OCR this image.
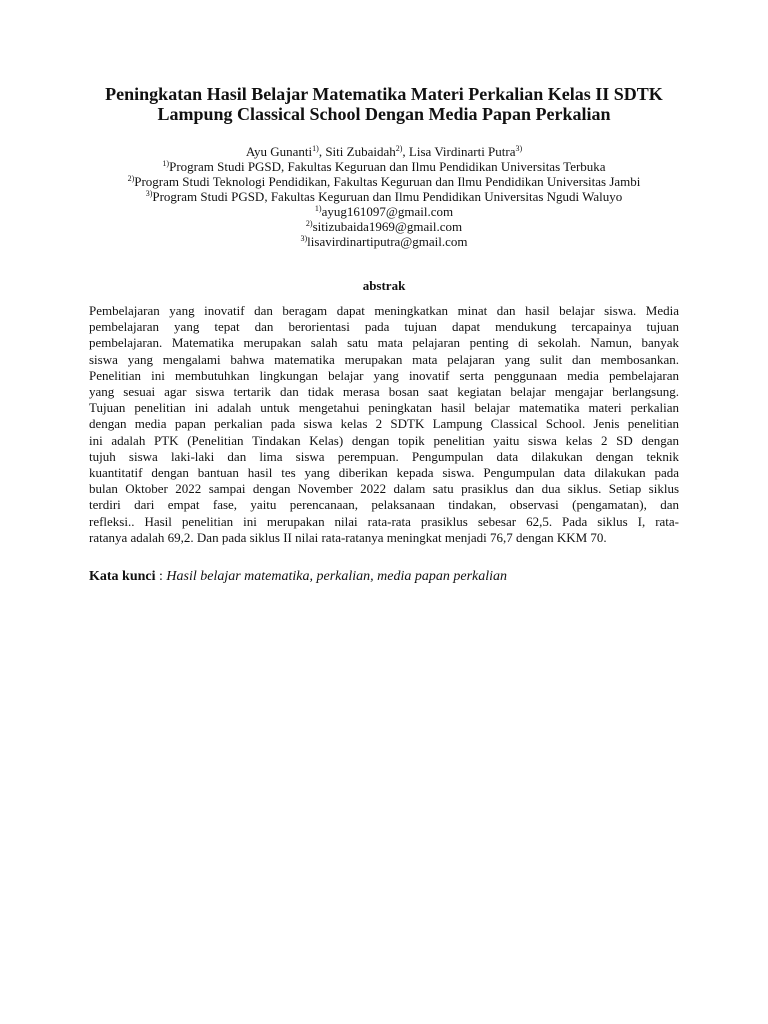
Peningkatan Hasil Belajar Matematika Materi Perkalian Kelas II SDTK
Lampung Classical School Dengan Media Papan Perkalian
Ayu Gunanti$^{1)}$, Siti Zubaidah$^{2)}$, Lisa Virdinarti Putra$^{3)}$
$^{1)}$Program Studi PGSD, Fakultas Keguruan dan Ilmu Pendidikan Universitas Terbuka
$^{2)}$Program Studi Teknologi Pendidikan, Fakultas Keguruan dan Ilmu Pendidikan Universitas Jambi
$^{3)}$Program Studi PGSD, Fakultas Keguruan dan Ilmu Pendidikan Universitas Ngudi Waluyo
$^{1)}$ayug161097@gmail.com
$^{2)}$sitizubaida1969@gmail.com
$^{3)}$lisavirdinartiputra@gmail.com
abstrak
Pembelajaran yang inovatif dan beragam dapat meningkatkan minat dan hasil belajar siswa. Media
pembelajaran yang tepat dan berorientasi pada tujuan dapat mendukung tercapainya tujuan
pembelajaran. Matematika merupakan salah satu mata pelajaran penting di sekolah. Namun, banyak
siswa yang mengalami bahwa matematika merupakan mata pelajaran yang sulit dan membosankan.
Penelitian ini membutuhkan lingkungan belajar yang inovatif serta penggunaan media pembelajaran
yang sesuai agar siswa tertarik dan tidak merasa bosan saat kegiatan belajar mengajar berlangsung.
Tujuan penelitian ini adalah untuk mengetahui peningkatan hasil belajar matematika materi perkalian
dengan media papan perkalian pada siswa kelas 2 SDTK Lampung Classical School. Jenis penelitian
ini adalah PTK (Penelitian Tindakan Kelas) dengan topik penelitian yaitu siswa kelas 2 SD dengan
tujuh siswa laki-laki dan lima siswa perempuan. Pengumpulan data dilakukan dengan teknik
kuantitatif dengan bantuan hasil tes yang diberikan kepada siswa. Pengumpulan data dilakukan pada
bulan Oktober 2022 sampai dengan November 2022 dalam satu prasiklus dan dua siklus. Setiap siklus
terdiri dari empat fase, yaitu perencanaan, pelaksanaan tindakan, observasi (pengamatan), dan
refleksi.. Hasil penelitian ini merupakan nilai rata-rata prasiklus sebesar 62,5. Pada siklus I, rata-
ratanya adalah 69,2. Dan pada siklus II nilai rata-ratanya meningkat menjadi 76,7 dengan KKM 70.
Kata kunci : Hasil belajar matematika, perkalian, media papan perkalian
